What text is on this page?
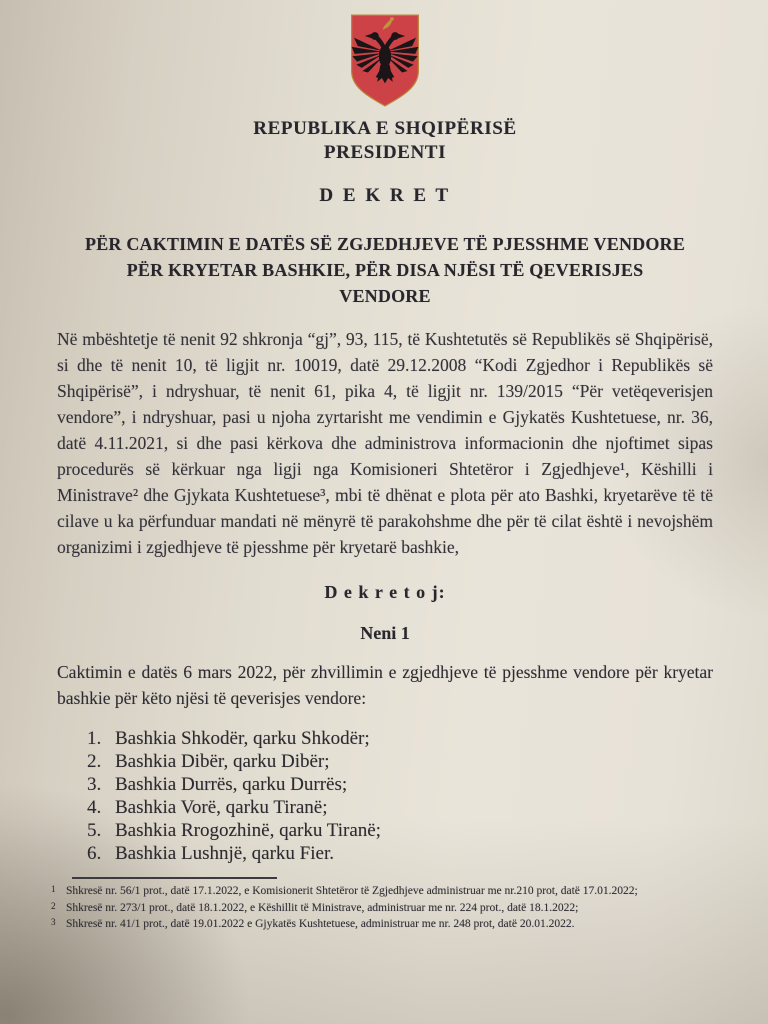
REPUBLIKA E SHQIPËRISË
PRESIDENTI
D E K R E T
PËR CAKTIMIN E DATËS SË ZGJEDHJEVE TË PJESSHME VENDORE
PËR KRYETAR BASHKIE, PËR DISA NJËSI TË QEVERISJES
VENDORE

Në mbështetje të nenit 92 shkronja “gj”, 93, 115, të Kushtetutës së Republikës së Shqipërisë, si dhe të nenit 10, të ligjit nr. 10019, datë 29.12.2008 “Kodi Zgjedhor i Republikës së Shqipërisë”, i ndryshuar, të nenit 61, pika 4, të ligjit nr. 139/2015 “Për vetëqeverisjen vendore”, i ndryshuar, pasi u njoha zyrtarisht me vendimin e Gjykatës Kushtetuese, nr. 36, datë 4.11.2021, si dhe pasi kërkova dhe administrova informacionin dhe njoftimet sipas procedurës së kërkuar nga ligji nga Komisioneri Shtetëror i Zgjedhjeve¹, Këshilli i Ministrave² dhe Gjykata Kushtetuese³, mbi të dhënat e plota për ato Bashki, kryetarëve të të cilave u ka përfunduar mandati në mënyrë të parakohshme dhe për të cilat është i nevojshëm organizimi i zgjedhjeve të pjesshme për kryetarë bashkie,

D e k r e t o j:
Neni 1

Caktimin e datës 6 mars 2022, për zhvillimin e zgjedhjeve të pjesshme vendore për kryetar bashkie për këto njësi të qeverisjes vendore:

1. Bashkia Shkodër, qarku Shkodër;
2. Bashkia Dibër, qarku Dibër;
3. Bashkia Durrës, qarku Durrës;
4. Bashkia Vorë, qarku Tiranë;
5. Bashkia Rrogozhinë, qarku Tiranë;
6. Bashkia Lushnjë, qarku Fier.
$^1$ Shkresë nr. 56/1 prot., datë 17.1.2022, e Komisionerit Shtetëror të Zgjedhjeve administruar me nr.210 prot, datë 17.01.2022;
$^2$ Shkresë nr. 273/1 prot., datë 18.1.2022, e Këshillit të Ministrave, administruar me nr. 224 prot., datë 18.1.2022;
$^3$ Shkresë nr. 41/1 prot., datë 19.01.2022 e Gjykatës Kushtetuese, administruar me nr. 248 prot, datë 20.01.2022.
